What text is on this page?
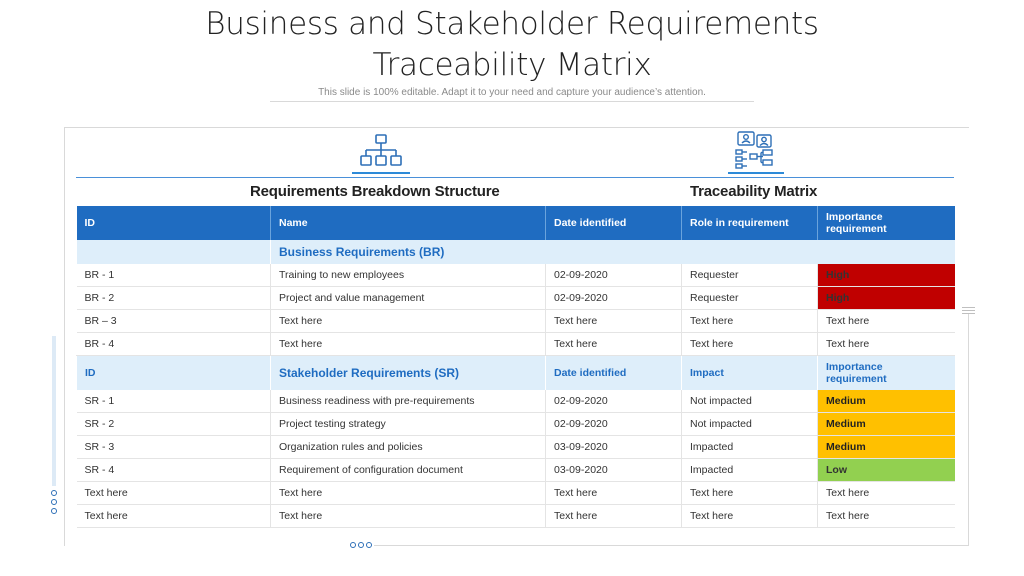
Business and Stakeholder Requirements
Traceability Matrix
This slide is 100% editable. Adapt it to your need and capture your audience’s attention.
Requirements Breakdown Structure	Traceability Matrix
ID	Name	Date identified	Role in requirement	Importance requirement
	Business Requirements (BR)			
BR - 1	Training to new employees	02-09-2020	Requester	High
BR - 2	Project and value management	02-09-2020	Requester	High
BR – 3	Text here	Text here	Text here	Text here
BR - 4	Text here	Text here	Text here	Text here
ID	Stakeholder Requirements (SR)	Date identified	Impact	Importance requirement
SR - 1	Business readiness with pre-requirements	02-09-2020	Not impacted	Medium
SR - 2	Project testing strategy	02-09-2020	Not impacted	Medium
SR - 3	Organization rules and policies	03-09-2020	Impacted	Medium
SR - 4	Requirement of configuration document	03-09-2020	Impacted	Low
Text here	Text here	Text here	Text here	Text here
Text here	Text here	Text here	Text here	Text here
